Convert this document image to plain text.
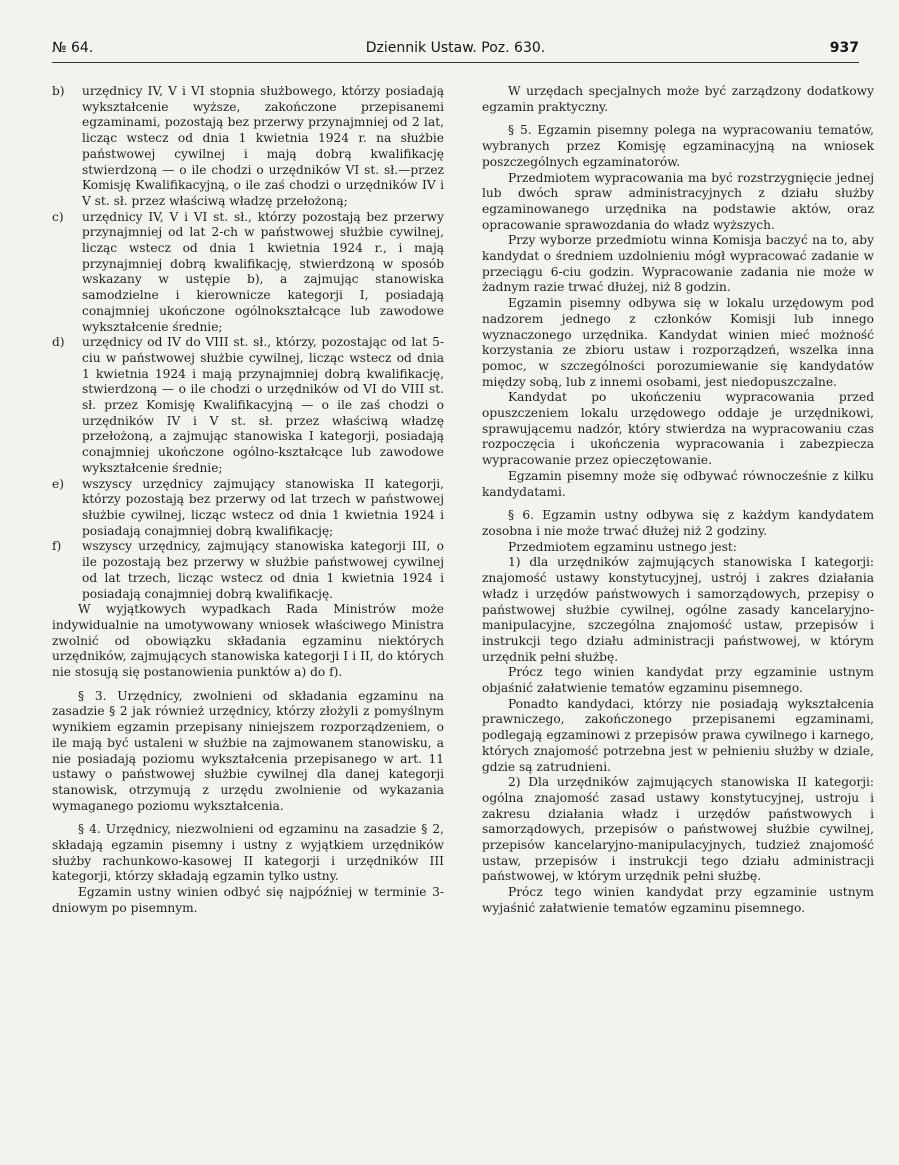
№ 64.	Dziennik Ustaw. Poz. 630.	937
b) urzędnicy IV, V i VI stopnia służbowego, którzy posiadają wykształcenie wyższe, zakończone przepisanemi egzaminami, pozostają bez przerwy przynajmniej od 2 lat, licząc wstecz od dnia 1 kwietnia 1924 r. na służbie państwowej cywilnej i mają dobrą kwalifikację stwierdzoną — o ile chodzi o urzędników VI st. sł.—przez Komisję Kwalifikacyjną, o ile zaś chodzi o urzędników IV i V st. sł. przez właściwą władzę przełożoną;
c) urzędnicy IV, V i VI st. sł., którzy pozostają bez przerwy przynajmniej od lat 2-ch w państwowej służbie cywilnej, licząc wstecz od dnia 1 kwietnia 1924 r., i mają przynajmniej dobrą kwalifikację, stwierdzoną w sposób wskazany w ustępie b), a zajmując stanowiska samodzielne i kierownicze kategorji I, posiadają conajmniej ukończone ogólnokształcące lub zawodowe wykształcenie średnie;
d) urzędnicy od IV do VIII st. sł., którzy, pozostając od lat 5-ciu w państwowej służbie cywilnej, licząc wstecz od dnia 1 kwietnia 1924 i mają przynajmniej dobrą kwalifikację, stwierdzoną — o ile chodzi o urzędników od VI do VIII st. sł. przez Komisję Kwalifikacyjną — o ile zaś chodzi o urzędników IV i V st. sł. przez właściwą władzę przełożoną, a zajmując stanowiska I kategorji, posiadają conajmniej ukończone ogólno-kształcące lub zawodowe wykształcenie średnie;
e) wszyscy urzędnicy zajmujący stanowiska II kategorji, którzy pozostają bez przerwy od lat trzech w państwowej służbie cywilnej, licząc wstecz od dnia 1 kwietnia 1924 i posiadają conajmniej dobrą kwalifikację;
f) wszyscy urzędnicy, zajmujący stanowiska kategorji III, o ile pozostają bez przerwy w służbie państwowej cywilnej od lat trzech, licząc wstecz od dnia 1 kwietnia 1924 i posiadają conajmniej dobrą kwalifikację.

W wyjątkowych wypadkach Rada Ministrów może indywidualnie na umotywowany wniosek właściwego Ministra zwolnić od obowiązku składania egzaminu niektórych urzędników, zajmujących stanowiska kategorji I i II, do których nie stosują się postanowienia punktów a) do f).

§ 3. Urzędnicy, zwolnieni od składania egzaminu na zasadzie § 2 jak również urzędnicy, którzy złożyli z pomyślnym wynikiem egzamin przepisany niniejszem rozporządzeniem, o ile mają być ustaleni w służbie na zajmowanem stanowisku, a nie posiadają poziomu wykształcenia przepisanego w art. 11 ustawy o państwowej służbie cywilnej dla danej kategorji stanowisk, otrzymują z urzędu zwolnienie od wykazania wymaganego poziomu wykształcenia.

§ 4. Urzędnicy, niezwolnieni od egzaminu na zasadzie § 2, składają egzamin pisemny i ustny z wyjątkiem urzędników służby rachunkowo-kasowej II kategorji i urzędników III kategorji, którzy składają egzamin tylko ustny.

Egzamin ustny winien odbyć się najpóźniej w terminie 3-dniowym po pisemnym.

W urzędach specjalnych może być zarządzony dodatkowy egzamin praktyczny.

§ 5. Egzamin pisemny polega na wypracowaniu tematów, wybranych przez Komisję egzaminacyjną na wniosek poszczególnych egzaminatorów.

Przedmiotem wypracowania ma być rozstrzygnięcie jednej lub dwóch spraw administracyjnych z działu służby egzaminowanego urzędnika na podstawie aktów, oraz opracowanie sprawozdania do władz wyższych.

Przy wyborze przedmiotu winna Komisja baczyć na to, aby kandydat o średniem uzdolnieniu mógł wypracować zadanie w przeciągu 6-ciu godzin. Wypracowanie zadania nie może w żadnym razie trwać dłużej, niż 8 godzin.

Egzamin pisemny odbywa się w lokalu urzędowym pod nadzorem jednego z członków Komisji lub innego wyznaczonego urzędnika. Kandydat winien mieć możność korzystania ze zbioru ustaw i rozporządzeń, wszelka inna pomoc, w szczególności porozumiewanie się kandydatów między sobą, lub z innemi osobami, jest niedopuszczalne.

Kandydat po ukończeniu wypracowania przed opuszczeniem lokalu urzędowego oddaje je urzędnikowi, sprawującemu nadzór, który stwierdza na wypracowaniu czas rozpoczęcia i ukończenia wypracowania i zabezpiecza wypracowanie przez opieczętowanie.

Egzamin pisemny może się odbywać równocześnie z kilku kandydatami.

§ 6. Egzamin ustny odbywa się z każdym kandydatem zosobna i nie może trwać dłużej niż 2 godziny.

Przedmiotem egzaminu ustnego jest:

1) dla urzędników zajmujących stanowiska I kategorji: znajomość ustawy konstytucyjnej, ustrój i zakres działania władz i urzędów państwowych i samorządowych, przepisy o państwowej służbie cywilnej, ogólne zasady kancelaryjno-manipulacyjne, szczególna znajomość ustaw, przepisów i instrukcji tego działu administracji państwowej, w którym urzędnik pełni służbę.

Prócz tego winien kandydat przy egzaminie ustnym objaśnić załatwienie tematów egzaminu pisemnego.

Ponadto kandydaci, którzy nie posiadają wykształcenia prawniczego, zakończonego przepisanemi egzaminami, podlegają egzaminowi z przepisów prawa cywilnego i karnego, których znajomość potrzebna jest w pełnieniu służby w dziale, gdzie są zatrudnieni.

2) Dla urzędników zajmujących stanowiska II kategorji: ogólna znajomość zasad ustawy konstytucyjnej, ustroju i zakresu działania władz i urzędów państwowych i samorządowych, przepisów o państwowej służbie cywilnej, przepisów kancelaryjno-manipulacyjnych, tudzież znajomość ustaw, przepisów i instrukcji tego działu administracji państwowej, w którym urzędnik pełni służbę.

Prócz tego winien kandydat przy egzaminie ustnym wyjaśnić załatwienie tematów egzaminu pisemnego.
